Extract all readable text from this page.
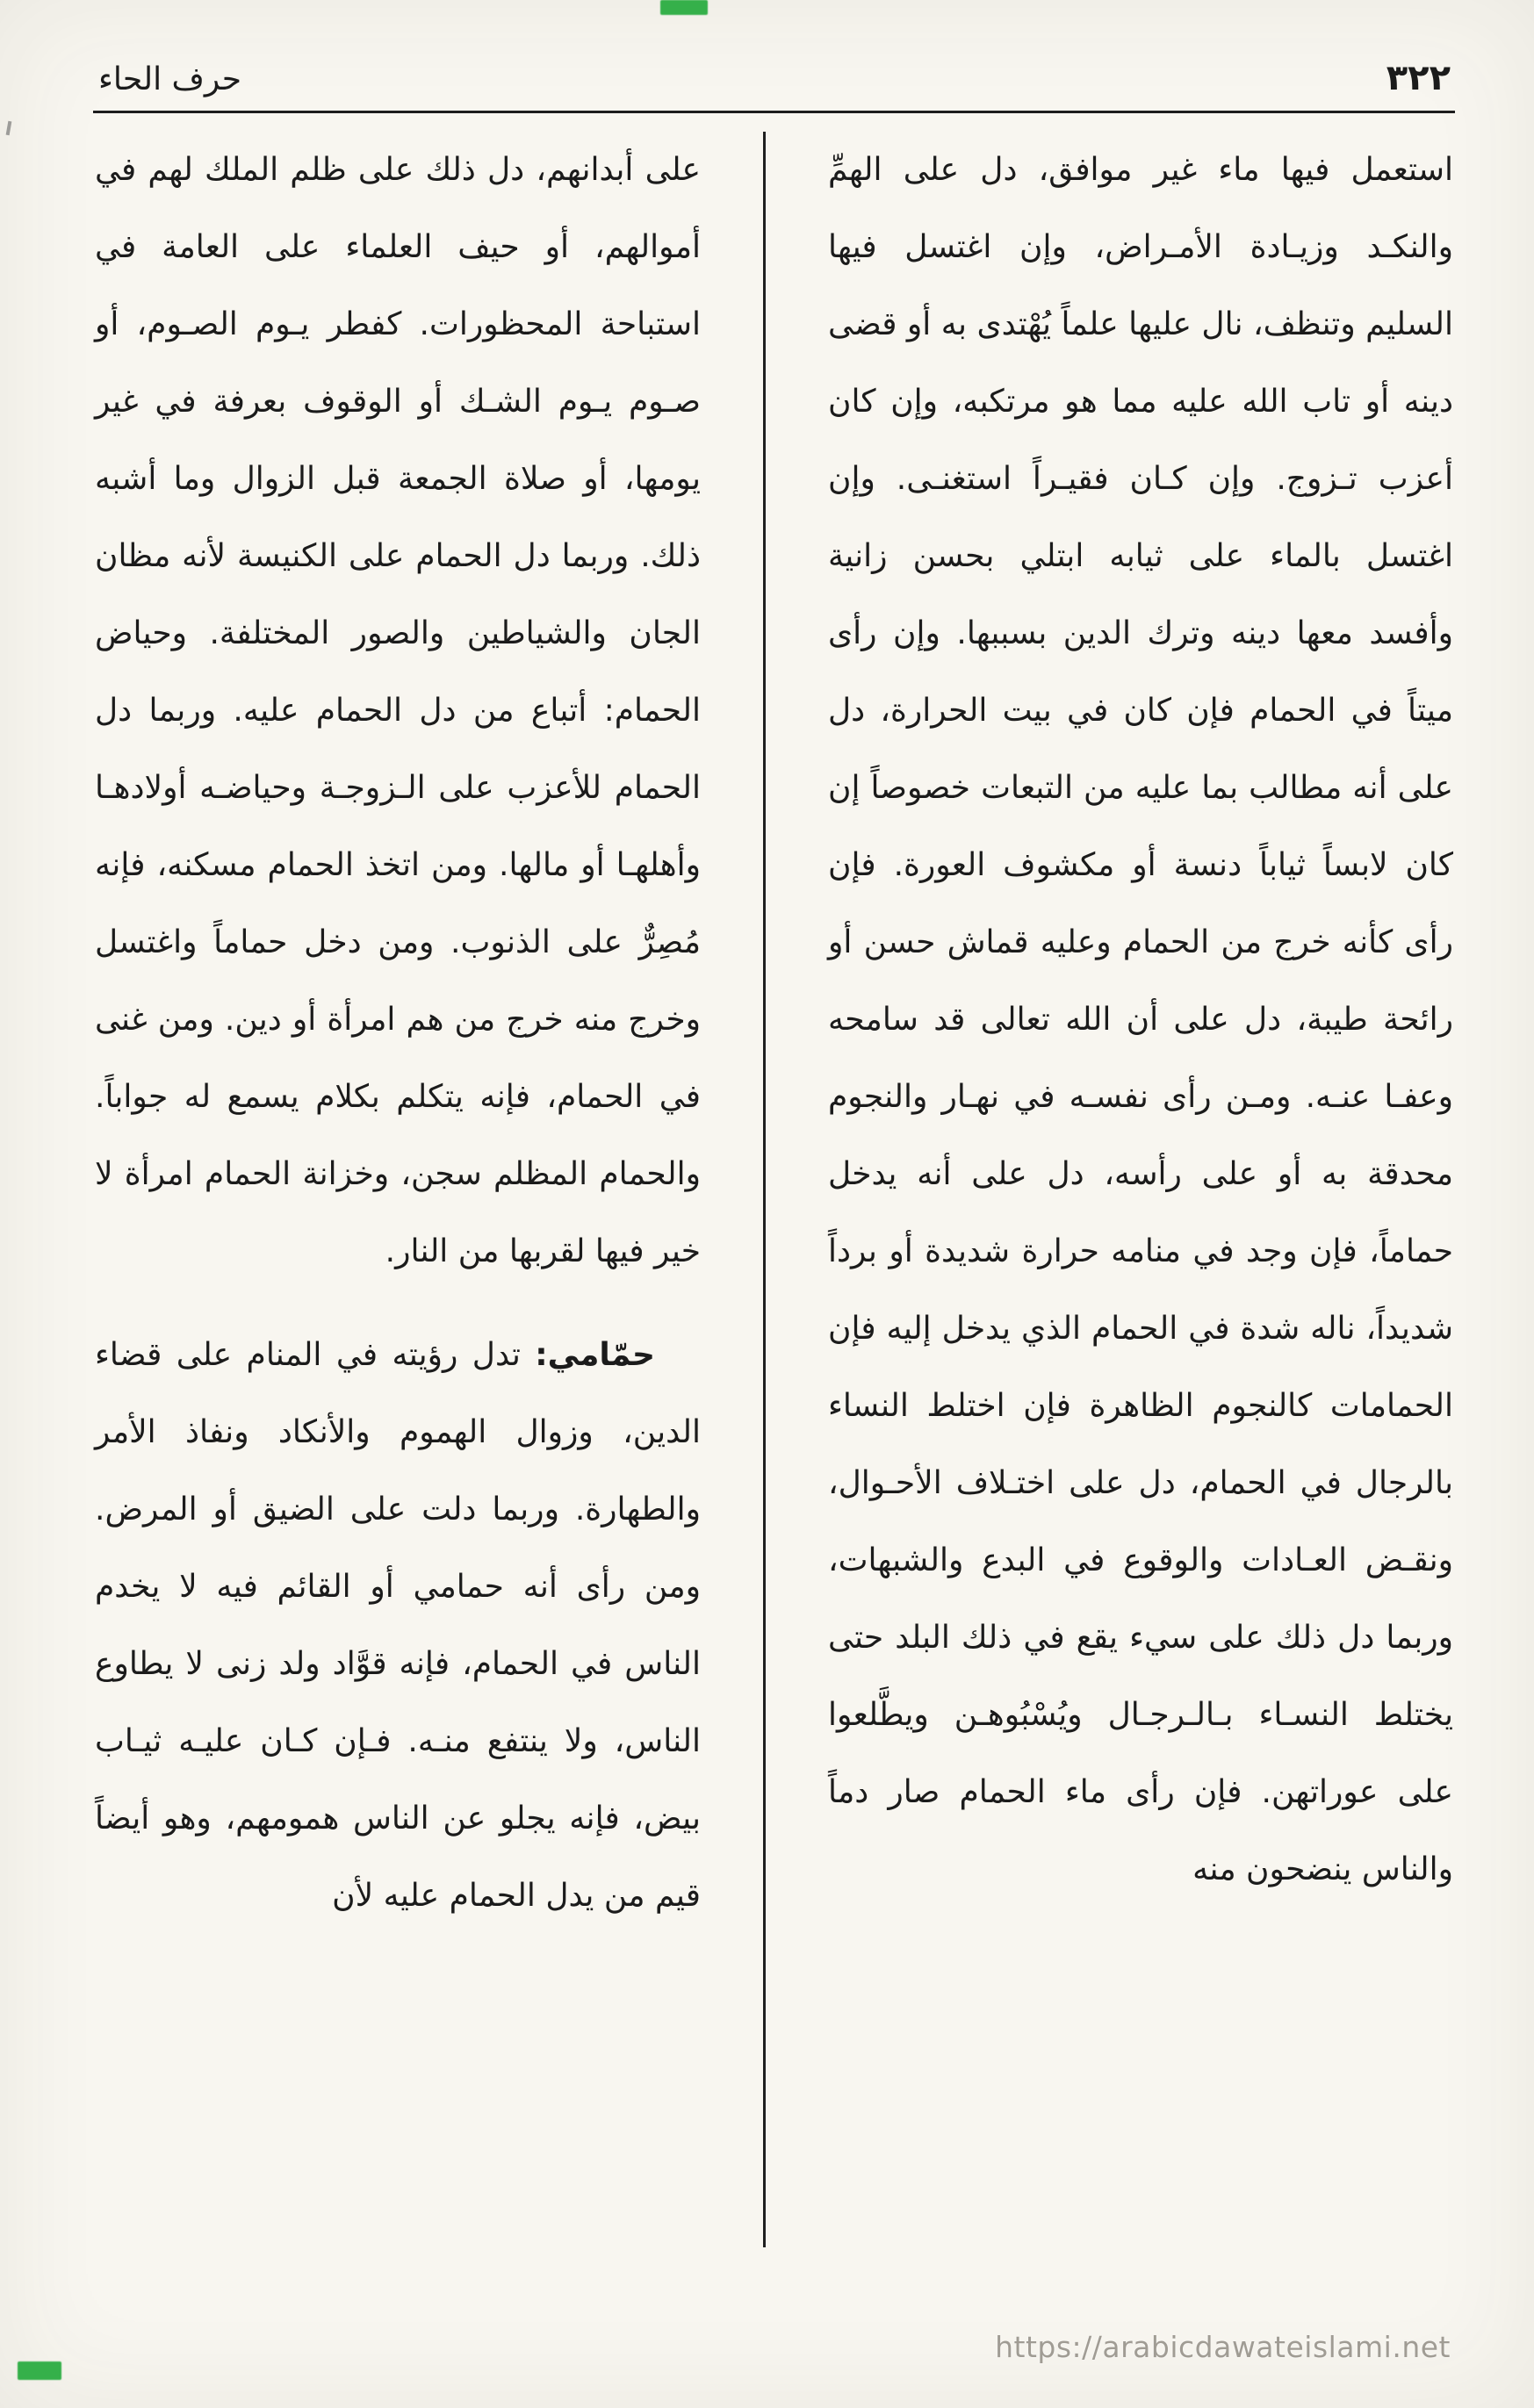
حرف الحاء	٣٢٢

على أبدانهم، دل ذلك على ظلم الملك لهم في أموالهم، أو حيف العلماء على العامة في استباحة المحظورات. كفطر يـوم الصـوم، أو صـوم يـوم الشـك أو الوقوف بعرفة في غير يومها، أو صلاة الجمعة قبل الزوال وما أشبه ذلك. وربما دل الحمام على الكنيسة لأنه مظان الجان والشياطين والصور المختلفة. وحياض الحمام: أتباع من دل الحمام عليه. وربما دل الحمام للأعزب على الـزوجـة وحياضـه أولادهـا وأهلهـا أو مالها. ومن اتخذ الحمام مسكنه، فإنه مُصِرٌّ على الذنوب. ومن دخل حماماً واغتسل وخرج منه خرج من هم امرأة أو دين. ومن غنى في الحمام، فإنه يتكلم بكلام يسمع له جواباً. والحمام المظلم سجن، وخزانة الحمام امرأة لا خير فيها لقربها من النار.

حمّامي: تدل رؤيته في المنام على قضاء الدين، وزوال الهموم والأنكاد ونفاذ الأمر والطهارة. وربما دلت على الضيق أو المرض. ومن رأى أنه حمامي أو القائم فيه لا يخدم الناس في الحمام، فإنه قوَّاد ولد زنى لا يطاوع الناس، ولا ينتفع منـه. فـإن كـان عليـه ثيـاب بيض، فإنه يجلو عن الناس همومهم، وهو أيضاً قيم من يدل الحمام عليه لأن

استعمل فيها ماء غير موافق، دل على الهمِّ والنكـد وزيـادة الأمـراض، وإن اغتسل فيها السليم وتنظف، نال عليها علماً يُهْتدى به أو قضى دينه أو تاب الله عليه مما هو مرتكبه، وإن كان أعزب تـزوج. وإن كـان فقيـراً استغنـى. وإن اغتسل بالماء على ثيابه ابتلي بحسن زانية وأفسد معها دينه وترك الدين بسببها. وإن رأى ميتاً في الحمام فإن كان في بيت الحرارة، دل على أنه مطالب بما عليه من التبعات خصوصاً إن كان لابساً ثياباً دنسة أو مكشوف العورة. فإن رأى كأنه خرج من الحمام وعليه قماش حسن أو رائحة طيبة، دل على أن الله تعالى قد سامحه وعفـا عنـه. ومـن رأى نفسـه في نهـار والنجوم محدقة به أو على رأسه، دل على أنه يدخل حماماً، فإن وجد في منامه حرارة شديدة أو برداً شديداً، ناله شدة في الحمام الذي يدخل إليه فإن الحمامات كالنجوم الظاهرة فإن اختلط النساء بالرجال في الحمام، دل على اختـلاف الأحـوال، ونقـض العـادات والوقوع في البدع والشبهات، وربما دل ذلك على سيء يقع في ذلك البلد حتى يختلط النسـاء بـالـرجـال ويُسْبُوهـن ويطَّلعوا على عوراتهن. فإن رأى ماء الحمام صار دماً والناس ينضحون منه

https://arabicdawateislami.net
